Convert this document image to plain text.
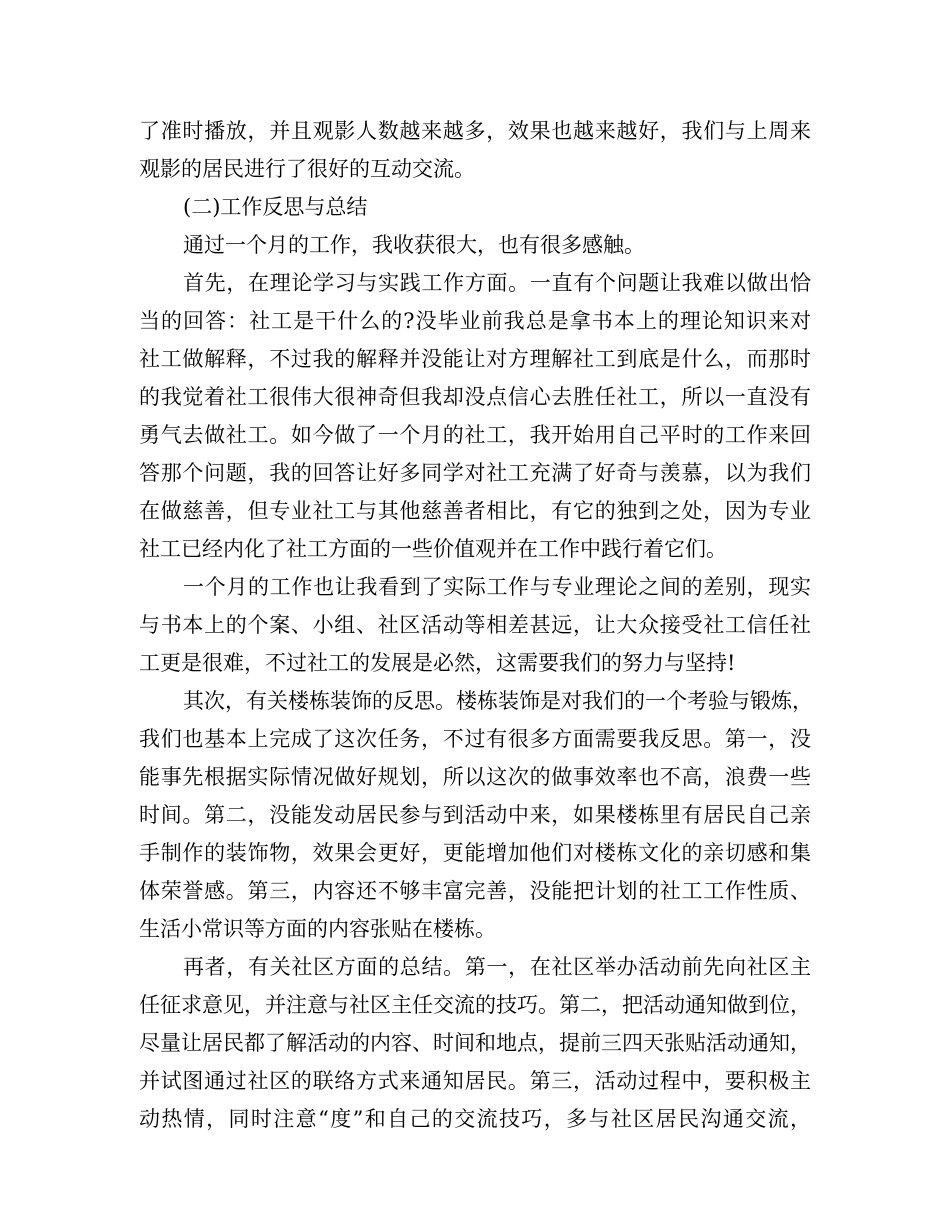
了准时播放，并且观影人数越来越多，效果也越来越好，我们与上周来
观影的居民进行了很好的互动交流。
(二)工作反思与总结
通过一个月的工作，我收获很大，也有很多感触。
首先，在理论学习与实践工作方面。一直有个问题让我难以做出恰
当的回答：社工是干什么的?没毕业前我总是拿书本上的理论知识来对
社工做解释，不过我的解释并没能让对方理解社工到底是什么，而那时
的我觉着社工很伟大很神奇但我却没点信心去胜任社工，所以一直没有
勇气去做社工。如今做了一个月的社工，我开始用自己平时的工作来回
答那个问题，我的回答让好多同学对社工充满了好奇与羡慕，以为我们
在做慈善，但专业社工与其他慈善者相比，有它的独到之处，因为专业
社工已经内化了社工方面的一些价值观并在工作中践行着它们。
一个月的工作也让我看到了实际工作与专业理论之间的差别，现实
与书本上的个案、小组、社区活动等相差甚远，让大众接受社工信任社
工更是很难，不过社工的发展是必然，这需要我们的努力与坚持!
其次，有关楼栋装饰的反思。楼栋装饰是对我们的一个考验与锻炼，
我们也基本上完成了这次任务，不过有很多方面需要我反思。第一，没
能事先根据实际情况做好规划，所以这次的做事效率也不高，浪费一些
时间。第二，没能发动居民参与到活动中来，如果楼栋里有居民自己亲
手制作的装饰物，效果会更好，更能增加他们对楼栋文化的亲切感和集
体荣誉感。第三，内容还不够丰富完善，没能把计划的社工工作性质、
生活小常识等方面的内容张贴在楼栋。
再者，有关社区方面的总结。第一，在社区举办活动前先向社区主
任征求意见，并注意与社区主任交流的技巧。第二，把活动通知做到位，
尽量让居民都了解活动的内容、时间和地点，提前三四天张贴活动通知，
并试图通过社区的联络方式来通知居民。第三，活动过程中，要积极主
动热情，同时注意“度”和自己的交流技巧，多与社区居民沟通交流，
